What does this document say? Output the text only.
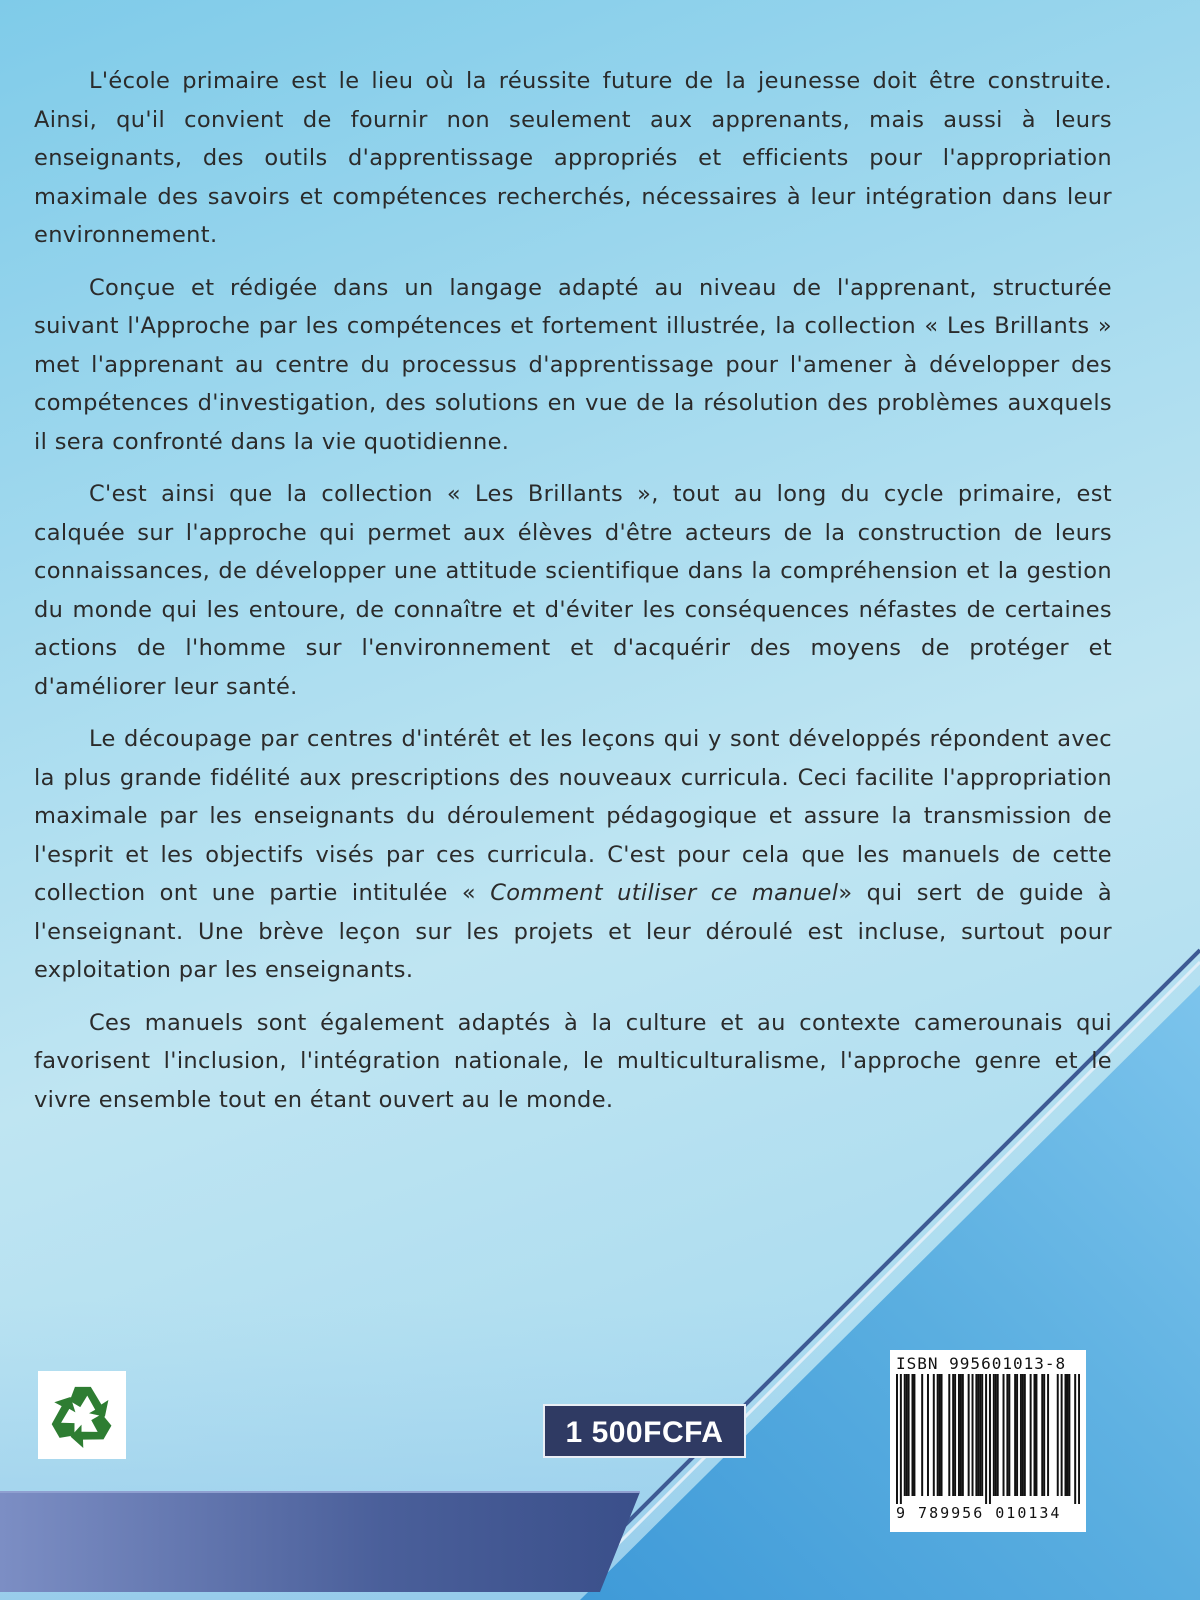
L'école primaire est le lieu où la réussite future de la jeunesse doit être construite. Ainsi, qu'il convient de fournir non seulement aux apprenants, mais aussi à leurs enseignants, des outils d'apprentissage appropriés et efficients pour l'appropriation maximale des savoirs et compétences recherchés, nécessaires à leur intégration dans leur environnement.

Conçue et rédigée dans un langage adapté au niveau de l'apprenant, structurée suivant l'Approche par les compétences et fortement illustrée, la collection « Les Brillants » met l'apprenant au centre du processus d'apprentissage pour l'amener à développer des compétences d'investigation, des solutions en vue de la résolution des problèmes auxquels il sera confronté dans la vie quotidienne.

C'est ainsi que la collection « Les Brillants », tout au long du cycle primaire, est calquée sur l'approche qui permet aux élèves d'être acteurs de la construction de leurs connaissances, de développer une attitude scientifique dans la compréhension et la gestion du monde qui les entoure, de connaître et d'éviter les conséquences néfastes de certaines actions de l'homme sur l'environnement et d'acquérir des moyens de protéger et d'améliorer leur santé.

Le découpage par centres d'intérêt et les leçons qui y sont développés répondent avec la plus grande fidélité aux prescriptions des nouveaux curricula. Ceci facilite l'appropriation maximale par les enseignants du déroulement pédagogique et assure la transmission de l'esprit et les objectifs visés par ces curricula. C'est pour cela que les manuels de cette collection ont une partie intitulée « Comment utiliser ce manuel» qui sert de guide à l'enseignant. Une brève leçon sur les projets et leur déroulé est incluse, surtout pour exploitation par les enseignants.

Ces manuels sont également adaptés à la culture et au contexte camerounais qui favorisent l'inclusion, l'intégration nationale, le multiculturalisme, l'approche genre et le vivre ensemble tout en étant ouvert au le monde.

1 500FCFA
ISBN 995601013-8
9 789956 010134
